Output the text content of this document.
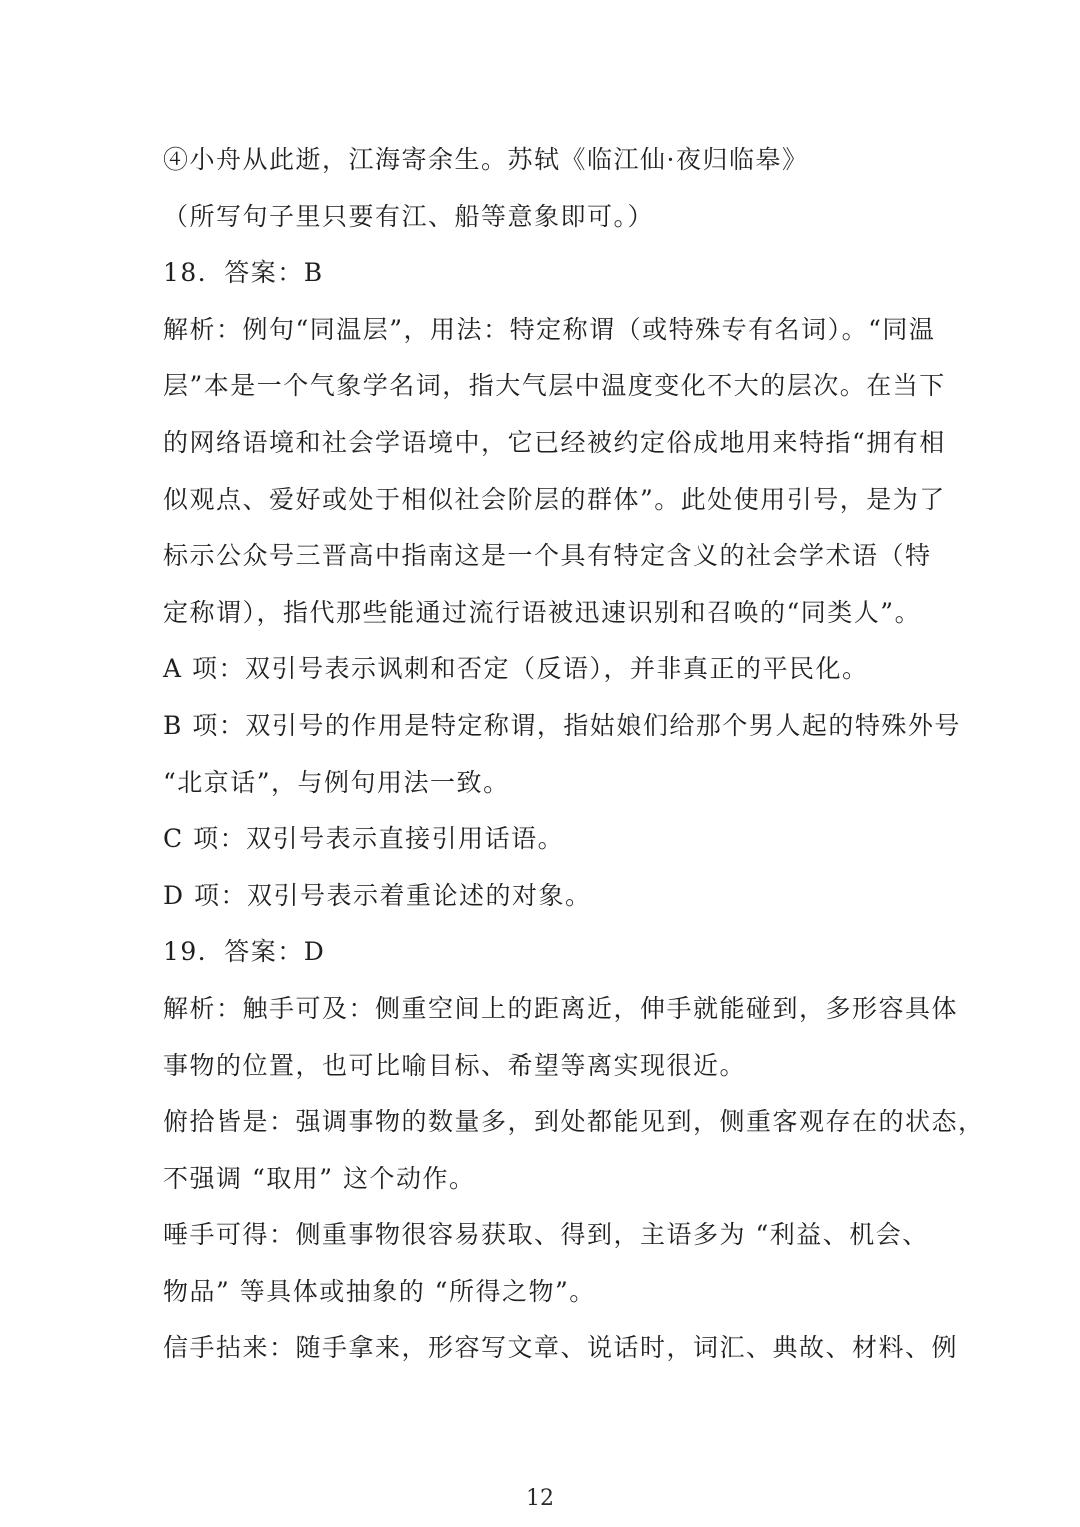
④小舟从此逝，江海寄余生。苏轼《临江仙·夜归临皋》
（所写句子里只要有江、船等意象即可。）
18．答案：B
解析：例句“同温层”，用法：特定称谓（或特殊专有名词）。“同温
层”本是一个气象学名词，指大气层中温度变化不大的层次。在当下
的网络语境和社会学语境中，它已经被约定俗成地用来特指“拥有相
似观点、爱好或处于相似社会阶层的群体”。此处使用引号，是为了
标示公众号三晋高中指南这是一个具有特定含义的社会学术语（特
定称谓），指代那些能通过流行语被迅速识别和召唤的“同类人”。
A 项：双引号表示讽刺和否定（反语），并非真正的平民化。
B 项：双引号的作用是特定称谓，指姑娘们给那个男人起的特殊外号
“北京话”，与例句用法一致。
C 项：双引号表示直接引用话语。
D 项：双引号表示着重论述的对象。
19．答案：D
解析：触手可及：侧重空间上的距离近，伸手就能碰到，多形容具体
事物的位置，也可比喻目标、希望等离实现很近。
俯拾皆是：强调事物的数量多，到处都能见到，侧重客观存在的状态，
不强调 “取用” 这个动作。
唾手可得：侧重事物很容易获取、得到，主语多为 “利益、机会、
物品” 等具体或抽象的 “所得之物”。
信手拈来：随手拿来，形容写文章、说话时，词汇、典故、材料、例
12
